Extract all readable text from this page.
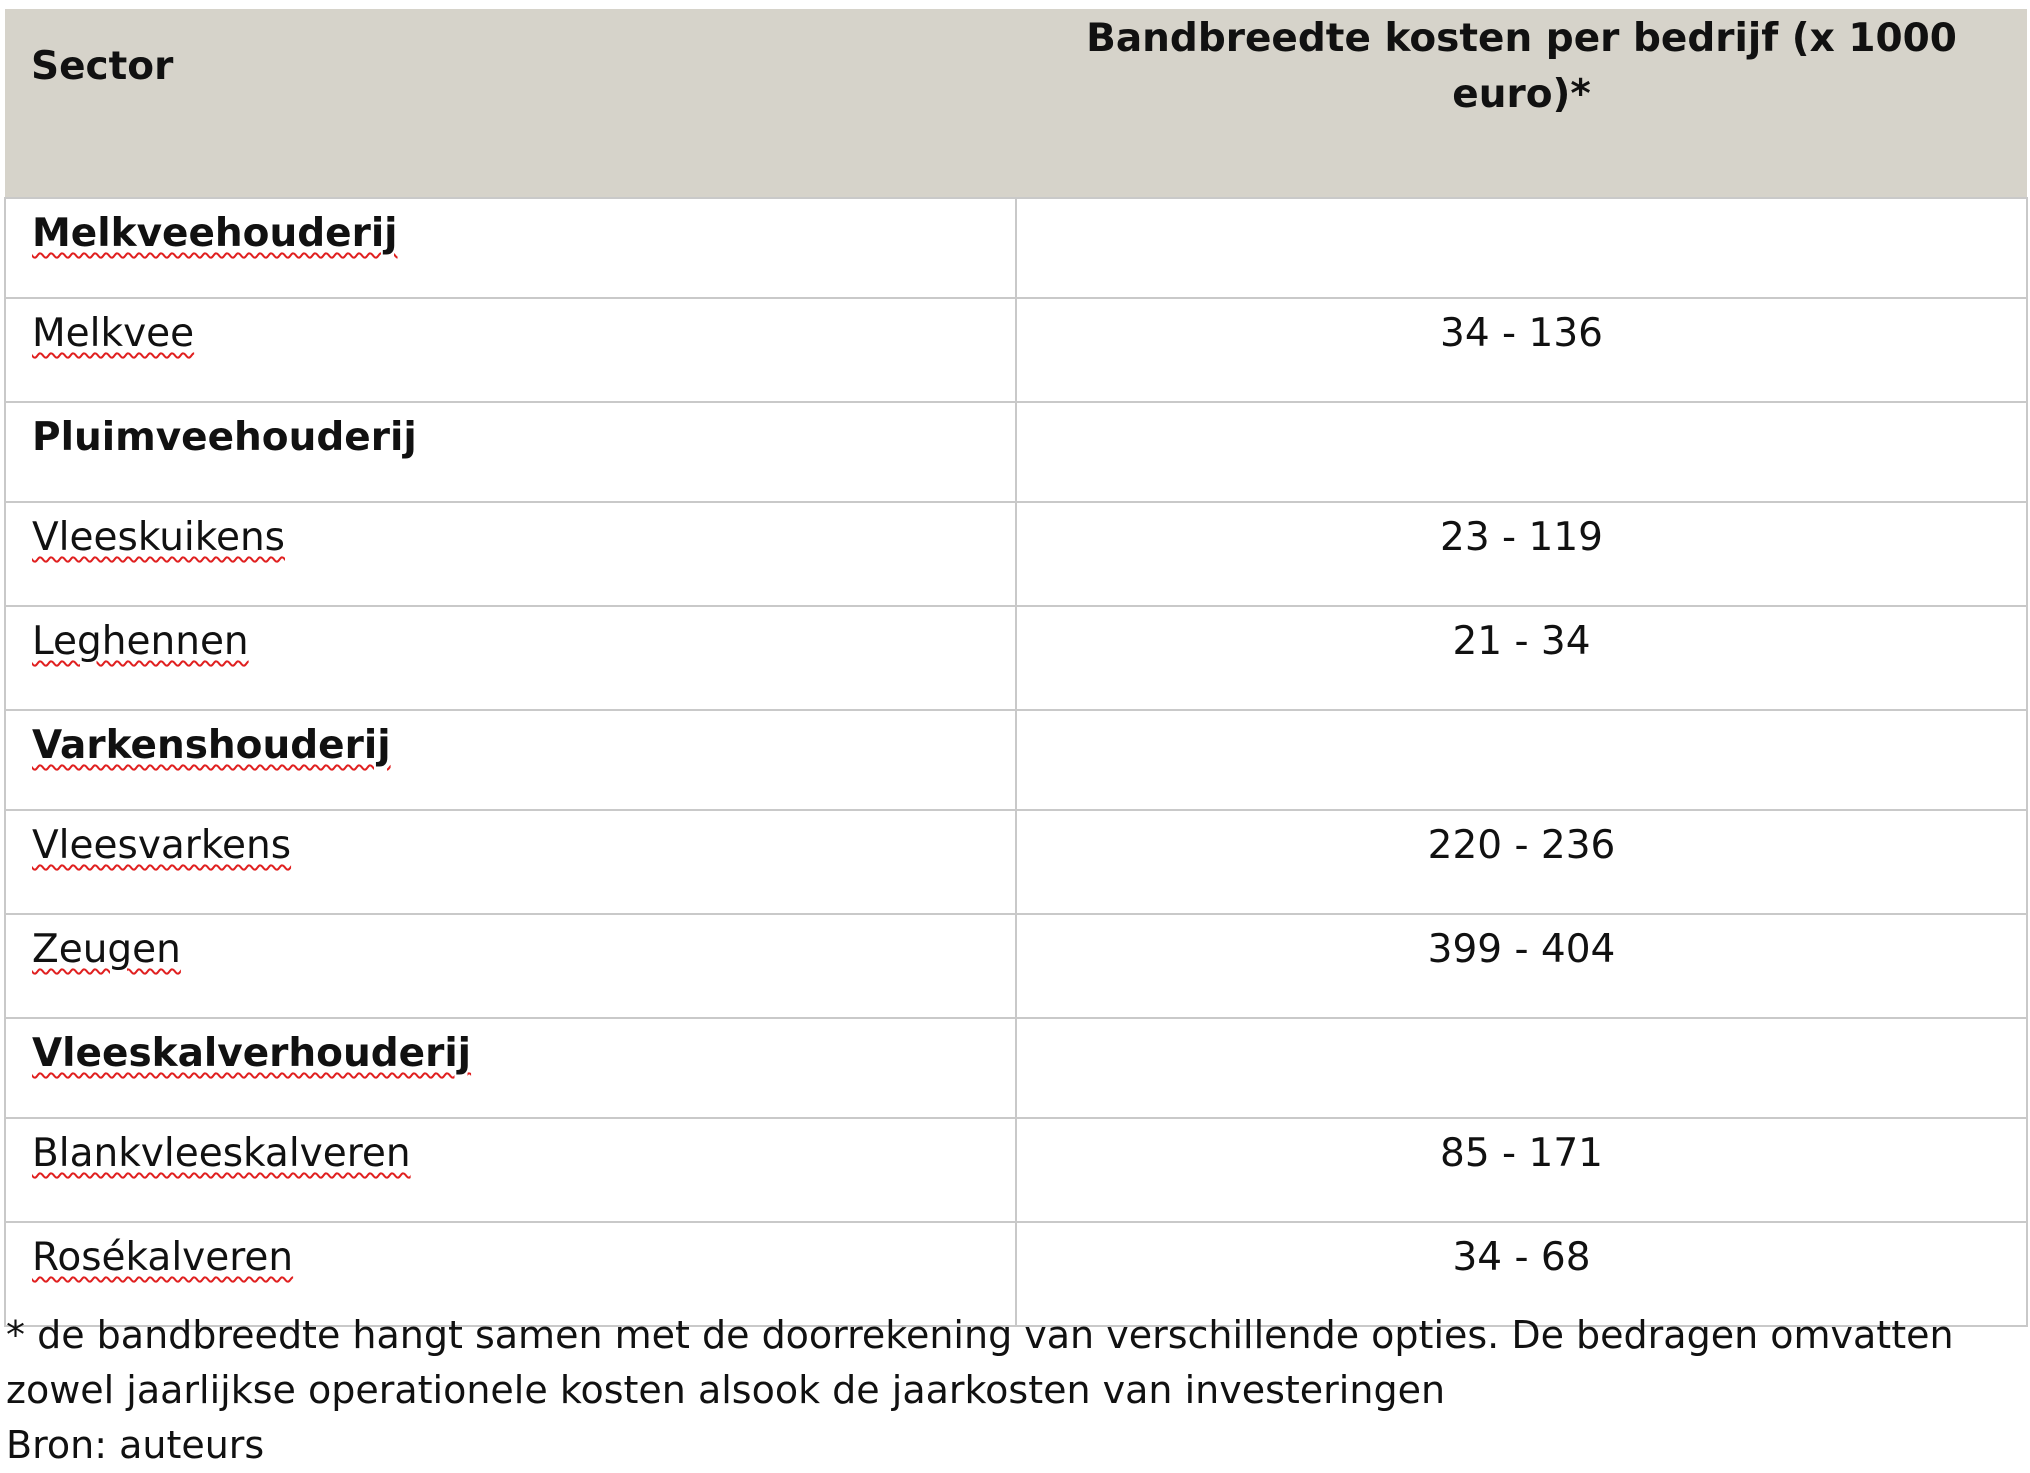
Sector	Bandbreedte kosten per bedrijf (x 1000 euro)*
Melkveehouderij	
Melkvee	34 - 136
Pluimveehouderij	
Vleeskuikens	23 - 119
Leghennen	21 - 34
Varkenshouderij	
Vleesvarkens	220 - 236
Zeugen	399 - 404
Vleeskalverhouderij	
Blankvleeskalveren	85 - 171
Rosékalveren	34 - 68

* de bandbreedte hangt samen met de doorrekening van verschillende opties. De bedragen omvatten zowel jaarlijkse operationele kosten alsook de jaarkosten van investeringen

Bron: auteurs
